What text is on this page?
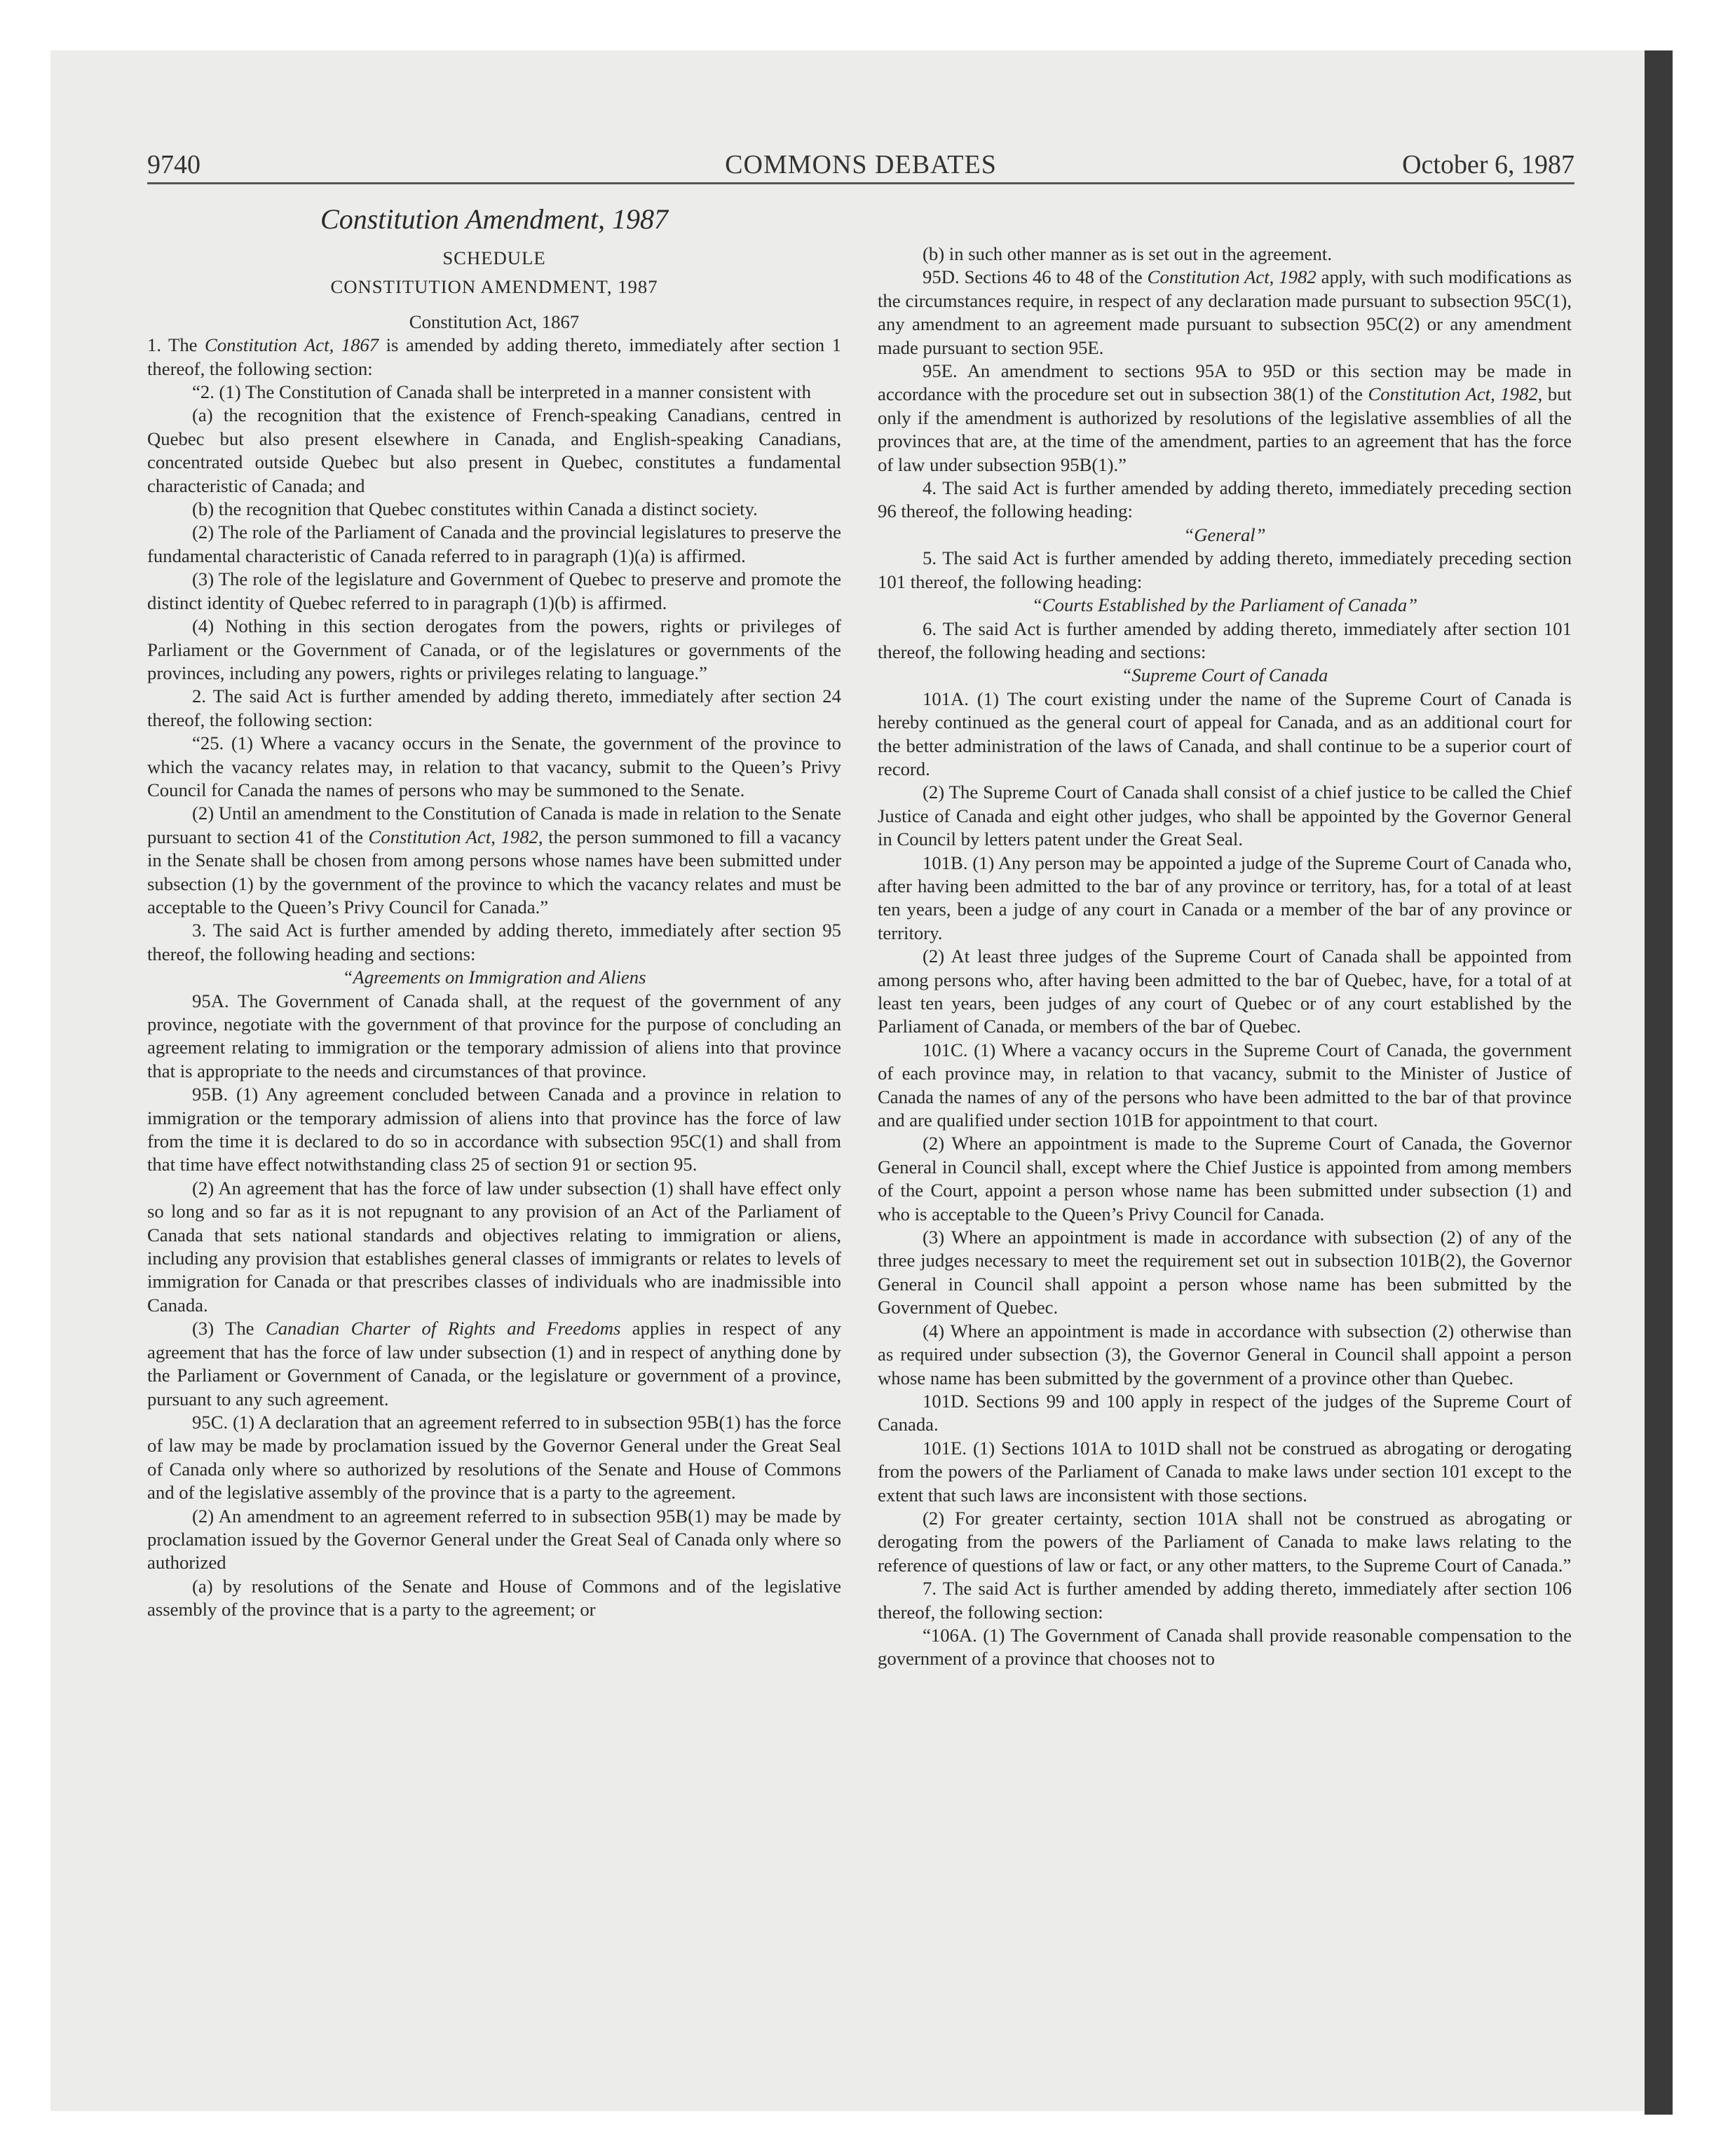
9740	COMMONS DEBATES	October 6, 1987

Constitution Amendment, 1987

SCHEDULE

CONSTITUTION AMENDMENT, 1987

Constitution Act, 1867

1. The Constitution Act, 1867 is amended by adding thereto, immediately after section 1 thereof, the following section:

“2. (1) The Constitution of Canada shall be interpreted in a manner consistent with

(a) the recognition that the existence of French-speaking Canadians, centred in Quebec but also present elsewhere in Canada, and English-speaking Canadians, concentrated outside Quebec but also present in Quebec, constitutes a fundamental characteristic of Canada; and

(b) the recognition that Quebec constitutes within Canada a distinct society.

(2) The role of the Parliament of Canada and the provincial legislatures to preserve the fundamental characteristic of Canada referred to in paragraph (1)(a) is affirmed.

(3) The role of the legislature and Government of Quebec to preserve and promote the distinct identity of Quebec referred to in paragraph (1)(b) is affirmed.

(4) Nothing in this section derogates from the powers, rights or privileges of Parliament or the Government of Canada, or of the legislatures or governments of the provinces, including any powers, rights or privileges relating to language.”

2. The said Act is further amended by adding thereto, immediately after section 24 thereof, the following section:

“25. (1) Where a vacancy occurs in the Senate, the government of the province to which the vacancy relates may, in relation to that vacancy, submit to the Queen’s Privy Council for Canada the names of persons who may be summoned to the Senate.

(2) Until an amendment to the Constitution of Canada is made in relation to the Senate pursuant to section 41 of the Constitution Act, 1982, the person summoned to fill a vacancy in the Senate shall be chosen from among persons whose names have been submitted under subsection (1) by the government of the province to which the vacancy relates and must be acceptable to the Queen’s Privy Council for Canada.”

3. The said Act is further amended by adding thereto, immediately after section 95 thereof, the following heading and sections:

“Agreements on Immigration and Aliens

95A. The Government of Canada shall, at the request of the government of any province, negotiate with the government of that province for the purpose of concluding an agreement relating to immigration or the temporary admission of aliens into that province that is appropriate to the needs and circumstances of that province.

95B. (1) Any agreement concluded between Canada and a province in relation to immigration or the temporary admission of aliens into that province has the force of law from the time it is declared to do so in accordance with subsection 95C(1) and shall from that time have effect notwithstanding class 25 of section 91 or section 95.

(2) An agreement that has the force of law under subsection (1) shall have effect only so long and so far as it is not repugnant to any provision of an Act of the Parliament of Canada that sets national standards and objectives relating to immigration or aliens, including any provision that establishes general classes of immigrants or relates to levels of immigration for Canada or that prescribes classes of individuals who are inadmissible into Canada.

(3) The Canadian Charter of Rights and Freedoms applies in respect of any agreement that has the force of law under subsection (1) and in respect of anything done by the Parliament or Government of Canada, or the legislature or government of a province, pursuant to any such agreement.

95C. (1) A declaration that an agreement referred to in subsection 95B(1) has the force of law may be made by proclamation issued by the Governor General under the Great Seal of Canada only where so authorized by resolutions of the Senate and House of Commons and of the legislative assembly of the province that is a party to the agreement.

(2) An amendment to an agreement referred to in subsection 95B(1) may be made by proclamation issued by the Governor General under the Great Seal of Canada only where so authorized

(a) by resolutions of the Senate and House of Commons and of the legislative assembly of the province that is a party to the agreement; or

(b) in such other manner as is set out in the agreement.

95D. Sections 46 to 48 of the Constitution Act, 1982 apply, with such modifications as the circumstances require, in respect of any declaration made pursuant to subsection 95C(1), any amendment to an agreement made pursuant to subsection 95C(2) or any amendment made pursuant to section 95E.

95E. An amendment to sections 95A to 95D or this section may be made in accordance with the procedure set out in subsection 38(1) of the Constitution Act, 1982, but only if the amendment is authorized by resolutions of the legislative assemblies of all the provinces that are, at the time of the amendment, parties to an agreement that has the force of law under subsection 95B(1).”

4. The said Act is further amended by adding thereto, immediately preceding section 96 thereof, the following heading:

“General”

5. The said Act is further amended by adding thereto, immediately preceding section 101 thereof, the following heading:

“Courts Established by the Parliament of Canada”

6. The said Act is further amended by adding thereto, immediately after section 101 thereof, the following heading and sections:

“Supreme Court of Canada

101A. (1) The court existing under the name of the Supreme Court of Canada is hereby continued as the general court of appeal for Canada, and as an additional court for the better administration of the laws of Canada, and shall continue to be a superior court of record.

(2) The Supreme Court of Canada shall consist of a chief justice to be called the Chief Justice of Canada and eight other judges, who shall be appointed by the Governor General in Council by letters patent under the Great Seal.

101B. (1) Any person may be appointed a judge of the Supreme Court of Canada who, after having been admitted to the bar of any province or territory, has, for a total of at least ten years, been a judge of any court in Canada or a member of the bar of any province or territory.

(2) At least three judges of the Supreme Court of Canada shall be appointed from among persons who, after having been admitted to the bar of Quebec, have, for a total of at least ten years, been judges of any court of Quebec or of any court established by the Parliament of Canada, or members of the bar of Quebec.

101C. (1) Where a vacancy occurs in the Supreme Court of Canada, the government of each province may, in relation to that vacancy, submit to the Minister of Justice of Canada the names of any of the persons who have been admitted to the bar of that province and are qualified under section 101B for appointment to that court.

(2) Where an appointment is made to the Supreme Court of Canada, the Governor General in Council shall, except where the Chief Justice is appointed from among members of the Court, appoint a person whose name has been submitted under subsection (1) and who is acceptable to the Queen’s Privy Council for Canada.

(3) Where an appointment is made in accordance with subsection (2) of any of the three judges necessary to meet the requirement set out in subsection 101B(2), the Governor General in Council shall appoint a person whose name has been submitted by the Government of Quebec.

(4) Where an appointment is made in accordance with subsection (2) otherwise than as required under subsection (3), the Governor General in Council shall appoint a person whose name has been submitted by the government of a province other than Quebec.

101D. Sections 99 and 100 apply in respect of the judges of the Supreme Court of Canada.

101E. (1) Sections 101A to 101D shall not be construed as abrogating or derogating from the powers of the Parliament of Canada to make laws under section 101 except to the extent that such laws are inconsistent with those sections.

(2) For greater certainty, section 101A shall not be construed as abrogating or derogating from the powers of the Parliament of Canada to make laws relating to the reference of questions of law or fact, or any other matters, to the Supreme Court of Canada.”

7. The said Act is further amended by adding thereto, immediately after section 106 thereof, the following section:

“106A. (1) The Government of Canada shall provide reasonable compensation to the government of a province that chooses not to
